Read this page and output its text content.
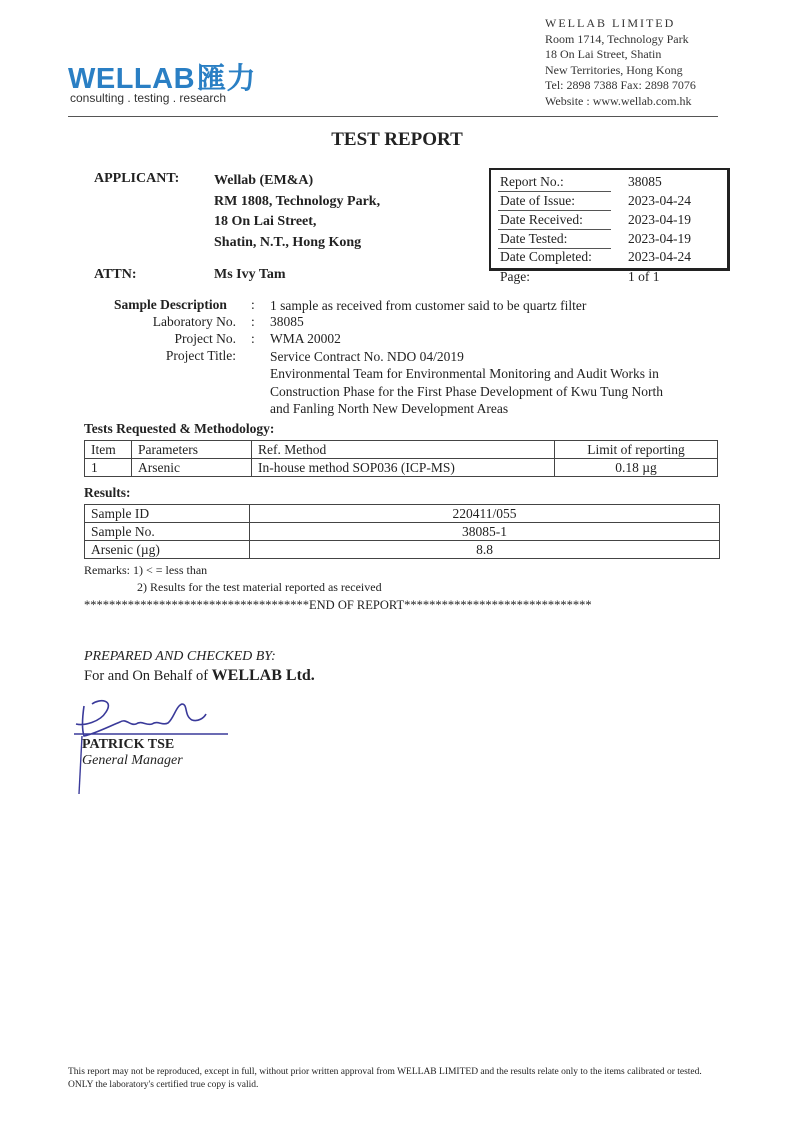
WELLAB匯力
consulting . testing . research
WELLAB LIMITED
Room 1714, Technology Park
18 On Lai Street, Shatin
New Territories, Hong Kong
Tel: 2898 7388 Fax: 2898 7076
Website : www.wellab.com.hk
TEST REPORT
APPLICANT: Wellab (EM&A)
RM 1808, Technology Park,
18 On Lai Street,
Shatin, N.T., Hong Kong
Report No.:	38085
Date of Issue:	2023-04-24
Date Received:	2023-04-19
Date Tested:	2023-04-19
Date Completed:	2023-04-24
ATTN:	Ms Ivy Tam	Page:	1 of 1
Sample Description : 1 sample as received from customer said to be quartz filter
Laboratory No. : 38085
Project No. : WMA 20002
Project Title:	Service Contract No. NDO 04/2019
Environmental Team for Environmental Monitoring and Audit Works in
Construction Phase for the First Phase Development of Kwu Tung North
and Fanling North New Development Areas
Tests Requested & Methodology:
Item	Parameters	Ref. Method	Limit of reporting
1	Arsenic	In-house method SOP036 (ICP-MS)	0.18 µg
Results:
Sample ID	220411/055
Sample No.	38085-1
Arsenic (µg)	8.8
Remarks: 1) < = less than
2) Results for the test material reported as received
************************************END OF REPORT******************************
PREPARED AND CHECKED BY:
For and On Behalf of WELLAB Ltd.
PATRICK TSE
General Manager
This report may not be reproduced, except in full, without prior written approval from WELLAB LIMITED and the results relate only to the items calibrated or tested. ONLY the laboratory's certified true copy is valid.
